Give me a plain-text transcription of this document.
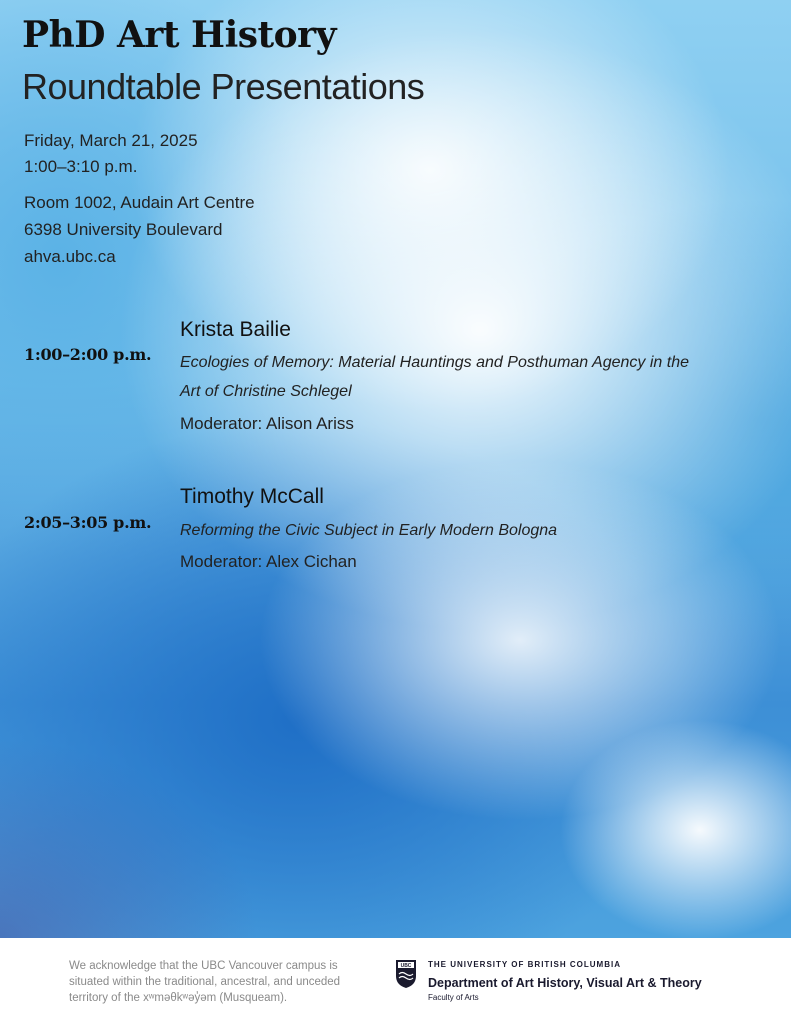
PhD Art History
Roundtable Presentations
Friday, March 21, 2025
1:00–3:10 p.m.
Room 1002, Audain Art Centre
6398 University Boulevard
ahva.ubc.ca
1:00–2:00 p.m.
Krista Bailie
Ecologies of Memory: Material Hauntings and Posthuman Agency in the
Art of Christine Schlegel
Moderator: Alison Ariss
2:05–3:05 p.m.
Timothy McCall
Reforming the Civic Subject in Early Modern Bologna
Moderator: Alex Cichan
We acknowledge that the UBC Vancouver campus is
situated within the traditional, ancestral, and unceded
territory of the xʷməθkʷəy̓əm (Musqueam).
UBC THE UNIVERSITY OF BRITISH COLUMBIA
Department of Art History, Visual Art & Theory
Faculty of Arts
